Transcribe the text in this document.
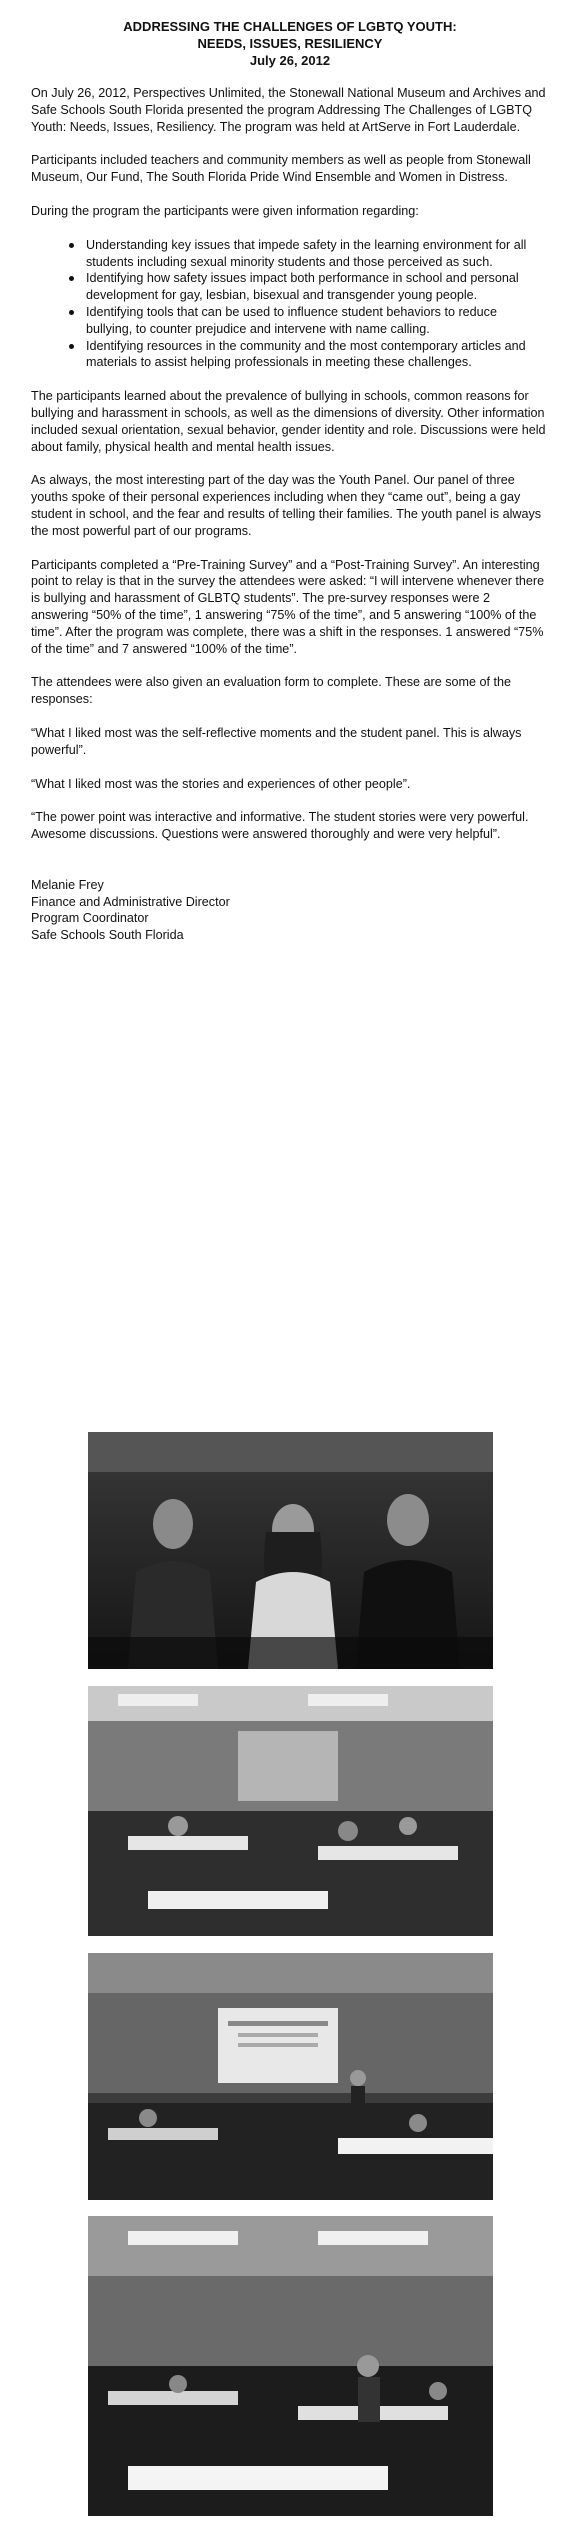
ADDRESSING THE CHALLENGES OF LGBTQ YOUTH:
NEEDS, ISSUES, RESILIENCY
July 26, 2012

On July 26, 2012, Perspectives Unlimited, the Stonewall National Museum and Archives and Safe Schools South Florida presented the program Addressing The Challenges of LGBTQ Youth: Needs, Issues, Resiliency. The program was held at ArtServe in Fort Lauderdale.

Participants included teachers and community members as well as people from Stonewall Museum, Our Fund, The South Florida Pride Wind Ensemble and Women in Distress.

During the program the participants were given information regarding:

Understanding key issues that impede safety in the learning environment for all students including sexual minority students and those perceived as such.
Identifying how safety issues impact both performance in school and personal development for gay, lesbian, bisexual and transgender young people.
Identifying tools that can be used to influence student behaviors to reduce bullying, to counter prejudice and intervene with name calling.
Identifying resources in the community and the most contemporary articles and materials to assist helping professionals in meeting these challenges.

The participants learned about the prevalence of bullying in schools, common reasons for bullying and harassment in schools, as well as the dimensions of diversity. Other information included sexual orientation, sexual behavior, gender identity and role. Discussions were held about family, physical health and mental health issues.

As always, the most interesting part of the day was the Youth Panel. Our panel of three youths spoke of their personal experiences including when they “came out”, being a gay student in school, and the fear and results of telling their families. The youth panel is always the most powerful part of our programs.

Participants completed a “Pre-Training Survey” and a “Post-Training Survey”. An interesting point to relay is that in the survey the attendees were asked: “I will intervene whenever there is bullying and harassment of GLBTQ students”. The pre-survey responses were 2 answering “50% of the time”, 1 answering “75% of the time”, and 5 answering “100% of the time”. After the program was complete, there was a shift in the responses. 1 answered “75% of the time” and 7 answered “100% of the time”.

The attendees were also given an evaluation form to complete. These are some of the responses:

“What I liked most was the self-reflective moments and the student panel. This is always powerful”.

“What I liked most was the stories and experiences of other people”.

“The power point was interactive and informative. The student stories were very powerful. Awesome discussions. Questions were answered thoroughly and were very helpful”.

Melanie Frey
Finance and Administrative Director
Program Coordinator
Safe Schools South Florida
